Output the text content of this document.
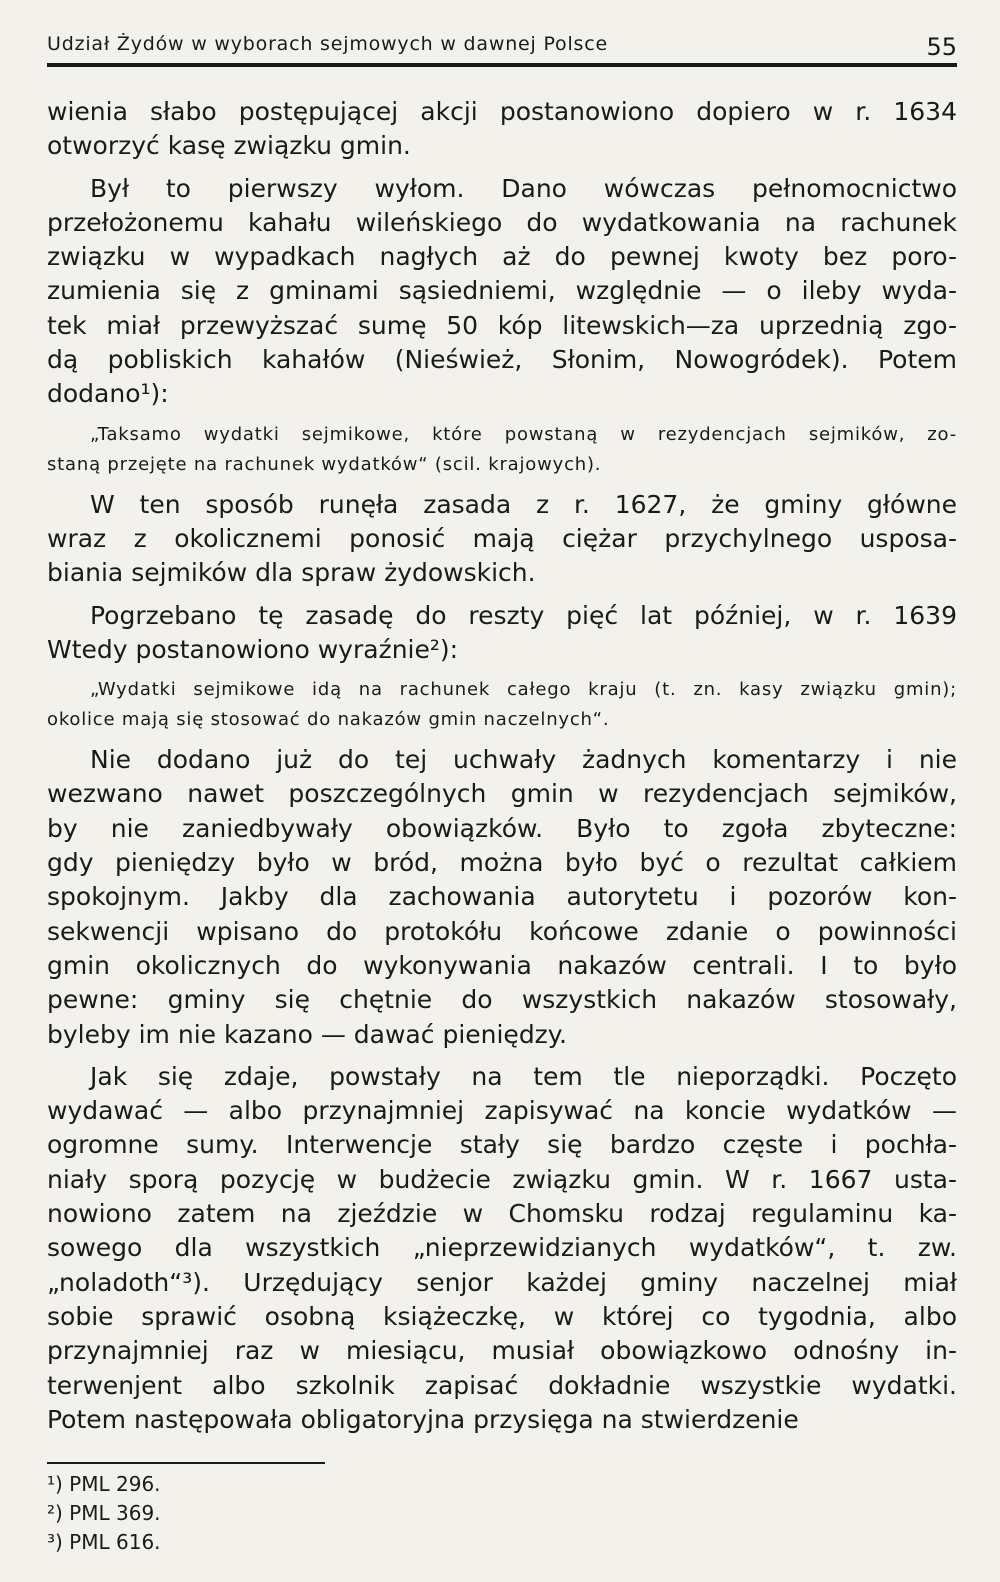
Udział Żydów w wyborach sejmowych w dawnej Polsce	55
wienia słabo postępującej akcji postanowiono dopiero w r. 1634
otworzyć kasę związku gmin.
Był to pierwszy wyłom. Dano wówczas pełnomocnictwo
przełożonemu kahału wileńskiego do wydatkowania na rachunek
związku w wypadkach nagłych aż do pewnej kwoty bez poro-
zumienia się z gminami sąsiedniemi, względnie — o ileby wyda-
tek miał przewyższać sumę 50 kóp litewskich—za uprzednią zgo-
dą pobliskich kahałów (Nieśwież, Słonim, Nowogródek). Potem
dodano¹):
„Taksamo wydatki sejmikowe, które powstaną w rezydencjach sejmików, zo-
staną przejęte na rachunek wydatków“ (scil. krajowych).
W ten sposób runęła zasada z r. 1627, że gminy główne
wraz z okolicznemi ponosić mają ciężar przychylnego usposa-
biania sejmików dla spraw żydowskich.
Pogrzebano tę zasadę do reszty pięć lat później, w r. 1639
Wtedy postanowiono wyraźnie²):
„Wydatki sejmikowe idą na rachunek całego kraju (t. zn. kasy związku gmin);
okolice mają się stosować do nakazów gmin naczelnych“.
Nie dodano już do tej uchwały żadnych komentarzy i nie
wezwano nawet poszczególnych gmin w rezydencjach sejmików,
by nie zaniedbywały obowiązków. Było to zgoła zbyteczne:
gdy pieniędzy było w bród, można było być o rezultat całkiem
spokojnym. Jakby dla zachowania autorytetu i pozorów kon-
sekwencji wpisano do protokółu końcowe zdanie o powinności
gmin okolicznych do wykonywania nakazów centrali. I to było
pewne: gminy się chętnie do wszystkich nakazów stosowały,
byleby im nie kazano — dawać pieniędzy.
Jak się zdaje, powstały na tem tle nieporządki. Poczęto
wydawać — albo przynajmniej zapisywać na koncie wydatków —
ogromne sumy. Interwencje stały się bardzo częste i pochła-
niały sporą pozycję w budżecie związku gmin. W r. 1667 usta-
nowiono zatem na zjeździe w Chomsku rodzaj regulaminu ka-
sowego dla wszystkich „nieprzewidzianych wydatków“, t. zw.
„noladoth“³). Urzędujący senjor każdej gminy naczelnej miał
sobie sprawić osobną książeczkę, w której co tygodnia, albo
przynajmniej raz w miesiącu, musiał obowiązkowo odnośny in-
terwenjent albo szkolnik zapisać dokładnie wszystkie wydatki.
Potem następowała obligatoryjna przysięga na stwierdzenie
¹) PML 296.
²) PML 369.
³) PML 616.
